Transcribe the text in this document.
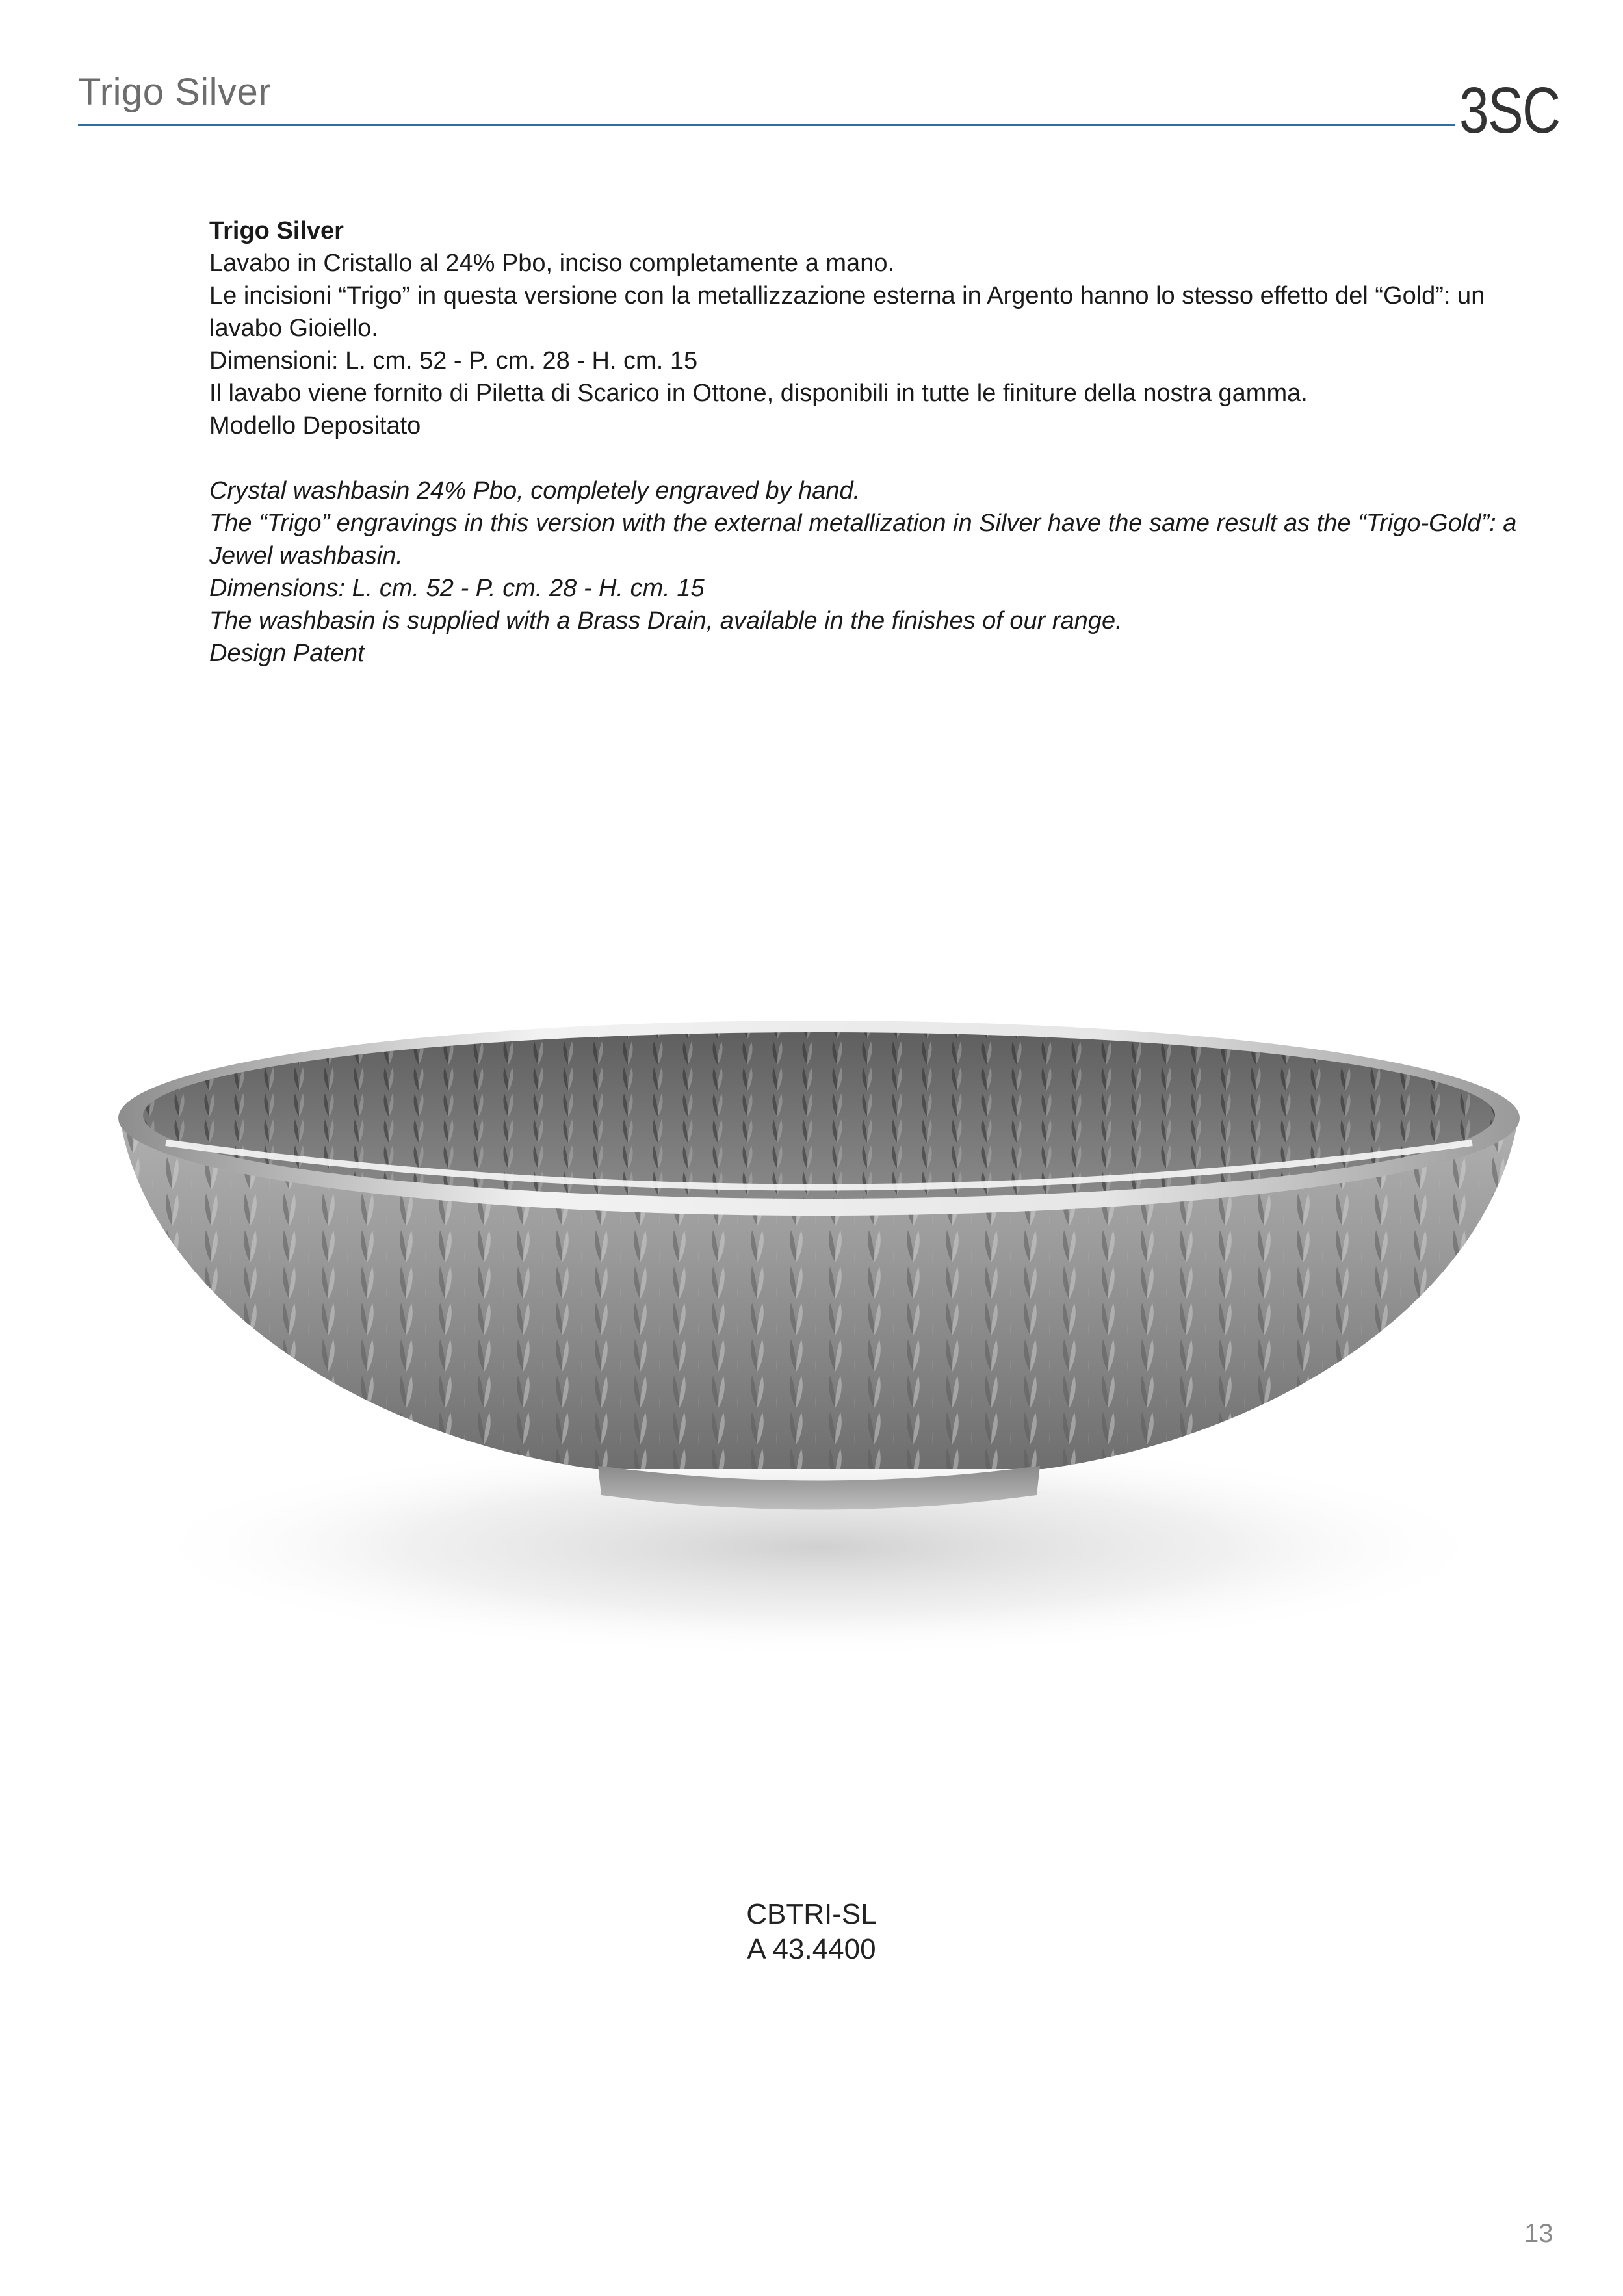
Trigo Silver	3SC

Trigo Silver

Lavabo in Cristallo al 24% Pbo, inciso completamente a mano.

Le incisioni “Trigo” in questa versione con la metallizzazione esterna in Argento hanno lo stesso effetto del “Gold”: un lavabo Gioiello.

Dimensioni: L. cm. 52 - P. cm. 28 - H. cm. 15

Il lavabo viene fornito di Piletta di Scarico in Ottone, disponibili in tutte le finiture della nostra gamma.

Modello Depositato

Crystal washbasin 24% Pbo, completely engraved by hand.

The “Trigo” engravings in this version with the external metallization in Silver have the same result as the “Trigo-Gold”: a Jewel washbasin.

Dimensions: L. cm. 52 - P. cm. 28 - H. cm. 15

The washbasin is supplied with a Brass Drain, available in the finishes of our range.

Design Patent

CBTRI-SL
A 43.4400
13
